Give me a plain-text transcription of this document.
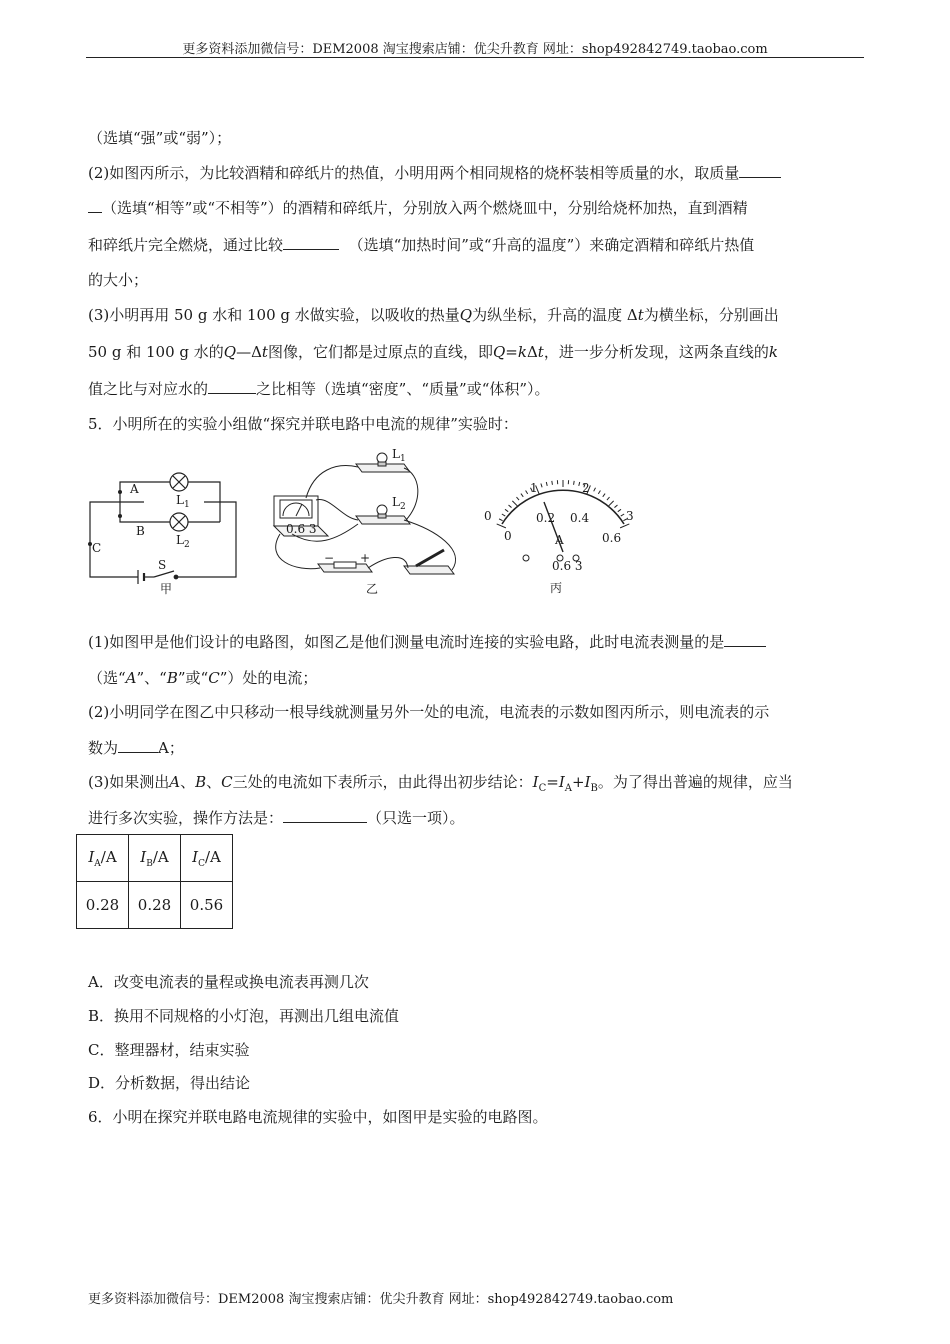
更多资料添加微信号：DEM2008 淘宝搜索店铺：优尖升教育 网址：shop492842749.taobao.com
（选填“强”或“弱”）；
(2)如图丙所示，为比较酒精和碎纸片的热值，小明用两个相同规格的烧杯装相等质量的水，取质量
（选填“相等”或“不相等”）的酒精和碎纸片，分别放入两个燃烧皿中，分别给烧杯加热，直到酒精
和碎纸片完全燃烧，通过比较	（选填“加热时间”或“升高的温度”）来确定酒精和碎纸片热值
的大小；
(3)小明再用 50 g 水和 100 g 水做实验，以吸收的热量Q为纵坐标，升高的温度 Δt为横坐标，分别画出
50 g 和 100 g 水的Q—Δt图像，它们都是过原点的直线，即Q=kΔt，进一步分析发现，这两条直线的k
值之比与对应水的	之比相等（选填“密度”、“质量”或“体积”）。
5．小明所在的实验小组做“探究并联电路中电流的规律”实验时：
A
B
C
$L_1$
$L_2$
S
甲
$L_1$
$L_2$
0.6 3
− +
乙
0
1	2
3
0
0.2 0.4
0.6
A
0.6 3
丙
(1)如图甲是他们设计的电路图，如图乙是他们测量电流时连接的实验电路，此时电流表测量的是
（选“A”、“B”或“C”）处的电流；
(2)小明同学在图乙中只移动一根导线就测量另外一处的电流，电流表的示数如图丙所示，则电流表的示
数为	A；
(3)如果测出A、B、C三处的电流如下表所示，由此得出初步结论：$I_C=I_A+I_B$。为了得出普遍的规律，应当
进行多次实验，操作方法是：	（只选一项）。
$I_A/A$	$I_B/A$	$I_C/A$
0.28	0.28	0.56
A．改变电流表的量程或换电流表再测几次
B．换用不同规格的小灯泡，再测出几组电流值
C．整理器材，结束实验
D．分析数据，得出结论
6．小明在探究并联电路电流规律的实验中，如图甲是实验的电路图。
更多资料添加微信号：DEM2008 淘宝搜索店铺：优尖升教育 网址：shop492842749.taobao.com
